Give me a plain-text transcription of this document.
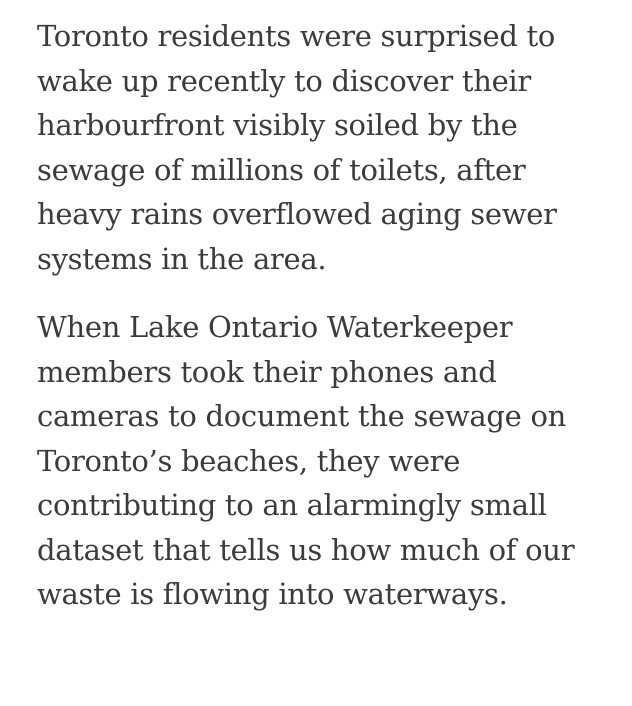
Toronto residents were surprised to
wake up recently to discover their
harbourfront visibly soiled by the
sewage of millions of toilets, after
heavy rains overflowed aging sewer
systems in the area.

When Lake Ontario Waterkeeper
members took their phones and
cameras to document the sewage on
Toronto’s beaches, they were
contributing to an alarmingly small
dataset that tells us how much of our
waste is flowing into waterways.
